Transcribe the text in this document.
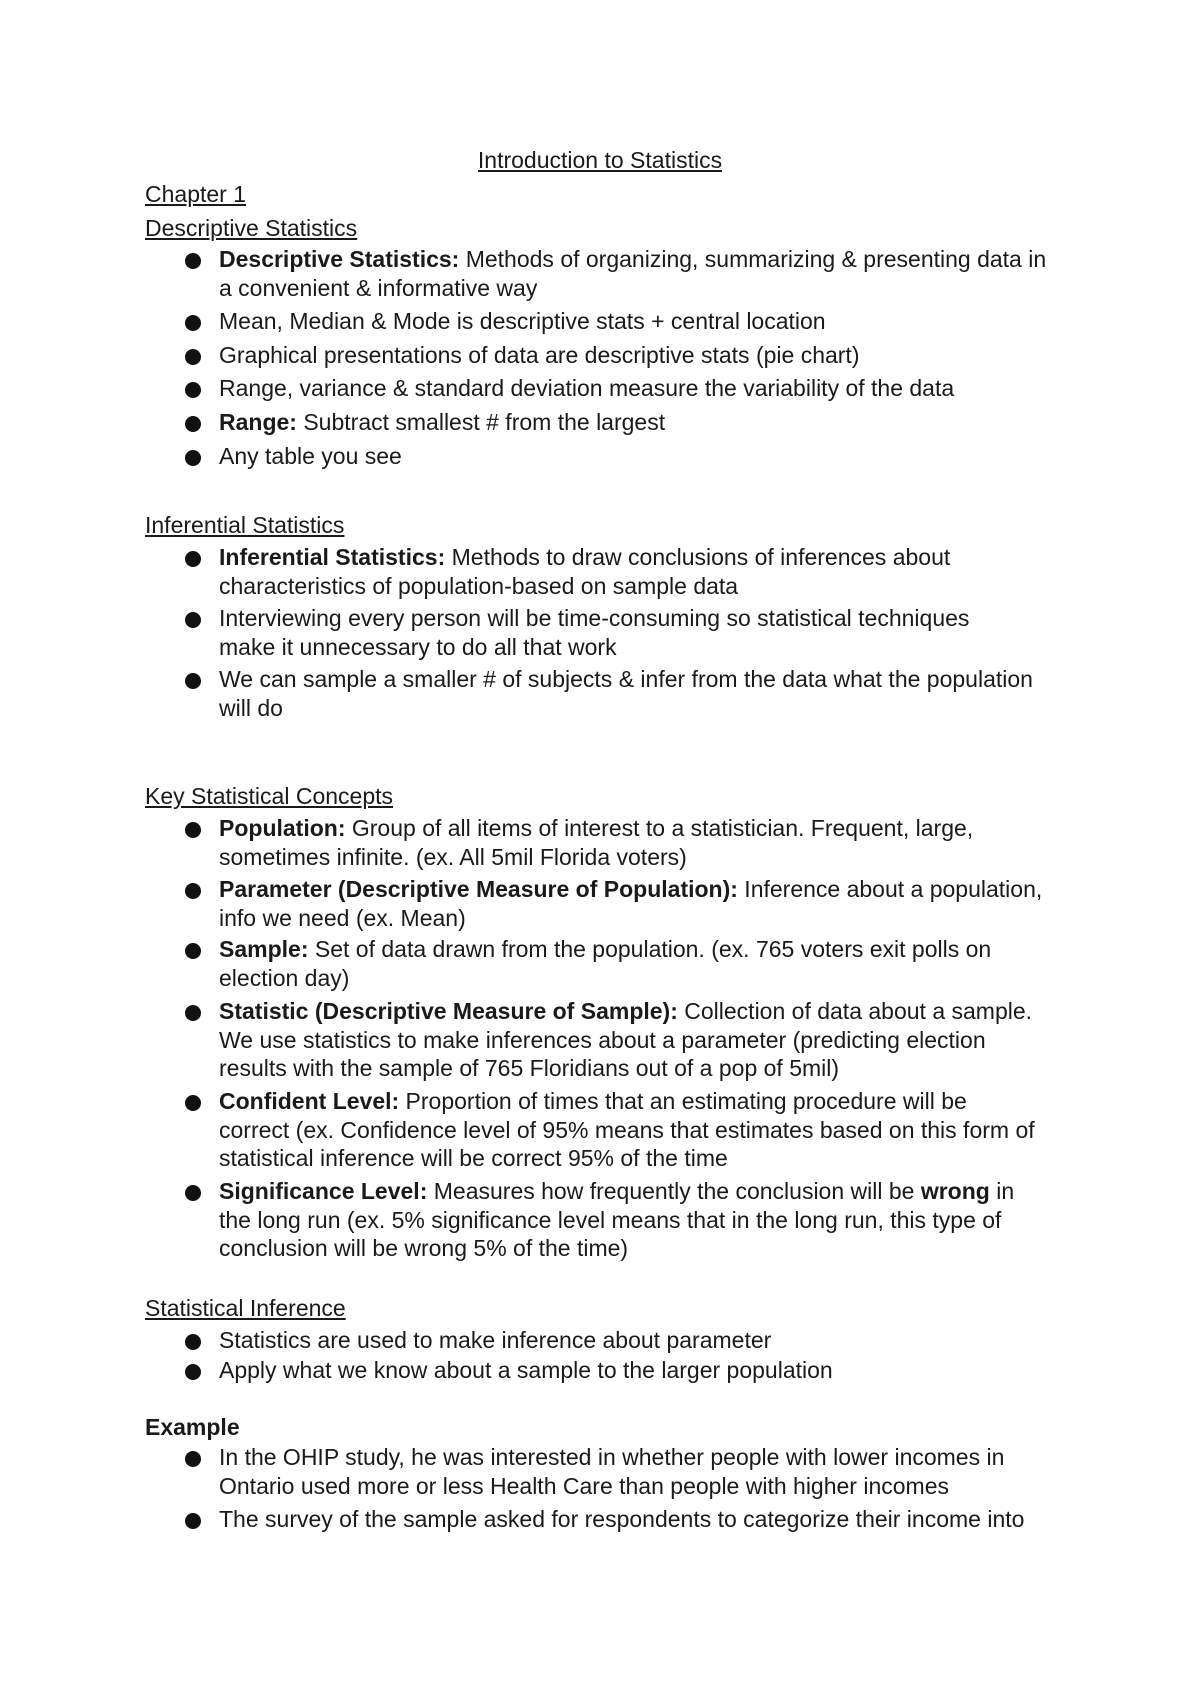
Introduction to Statistics
Chapter 1
Descriptive Statistics
Descriptive Statistics: Methods of organizing, summarizing & presenting data in
a convenient & informative way
Mean, Median & Mode is descriptive stats + central location
Graphical presentations of data are descriptive stats (pie chart)
Range, variance & standard deviation measure the variability of the data
Range: Subtract smallest # from the largest
Any table you see
Inferential Statistics
Inferential Statistics: Methods to draw conclusions of inferences about
characteristics of population-based on sample data
Interviewing every person will be time-consuming so statistical techniques
make it unnecessary to do all that work
We can sample a smaller # of subjects & infer from the data what the population
will do
Key Statistical Concepts
Population: Group of all items of interest to a statistician. Frequent, large,
sometimes infinite. (ex. All 5mil Florida voters)
Parameter (Descriptive Measure of Population): Inference about a population,
info we need (ex. Mean)
Sample: Set of data drawn from the population. (ex. 765 voters exit polls on
election day)
Statistic (Descriptive Measure of Sample): Collection of data about a sample.
We use statistics to make inferences about a parameter (predicting election
results with the sample of 765 Floridians out of a pop of 5mil)
Confident Level: Proportion of times that an estimating procedure will be
correct (ex. Confidence level of 95% means that estimates based on this form of
statistical inference will be correct 95% of the time
Significance Level: Measures how frequently the conclusion will be wrong in
the long run (ex. 5% significance level means that in the long run, this type of
conclusion will be wrong 5% of the time)
Statistical Inference
Statistics are used to make inference about parameter
Apply what we know about a sample to the larger population
Example
In the OHIP study, he was interested in whether people with lower incomes in
Ontario used more or less Health Care than people with higher incomes
The survey of the sample asked for respondents to categorize their income into
